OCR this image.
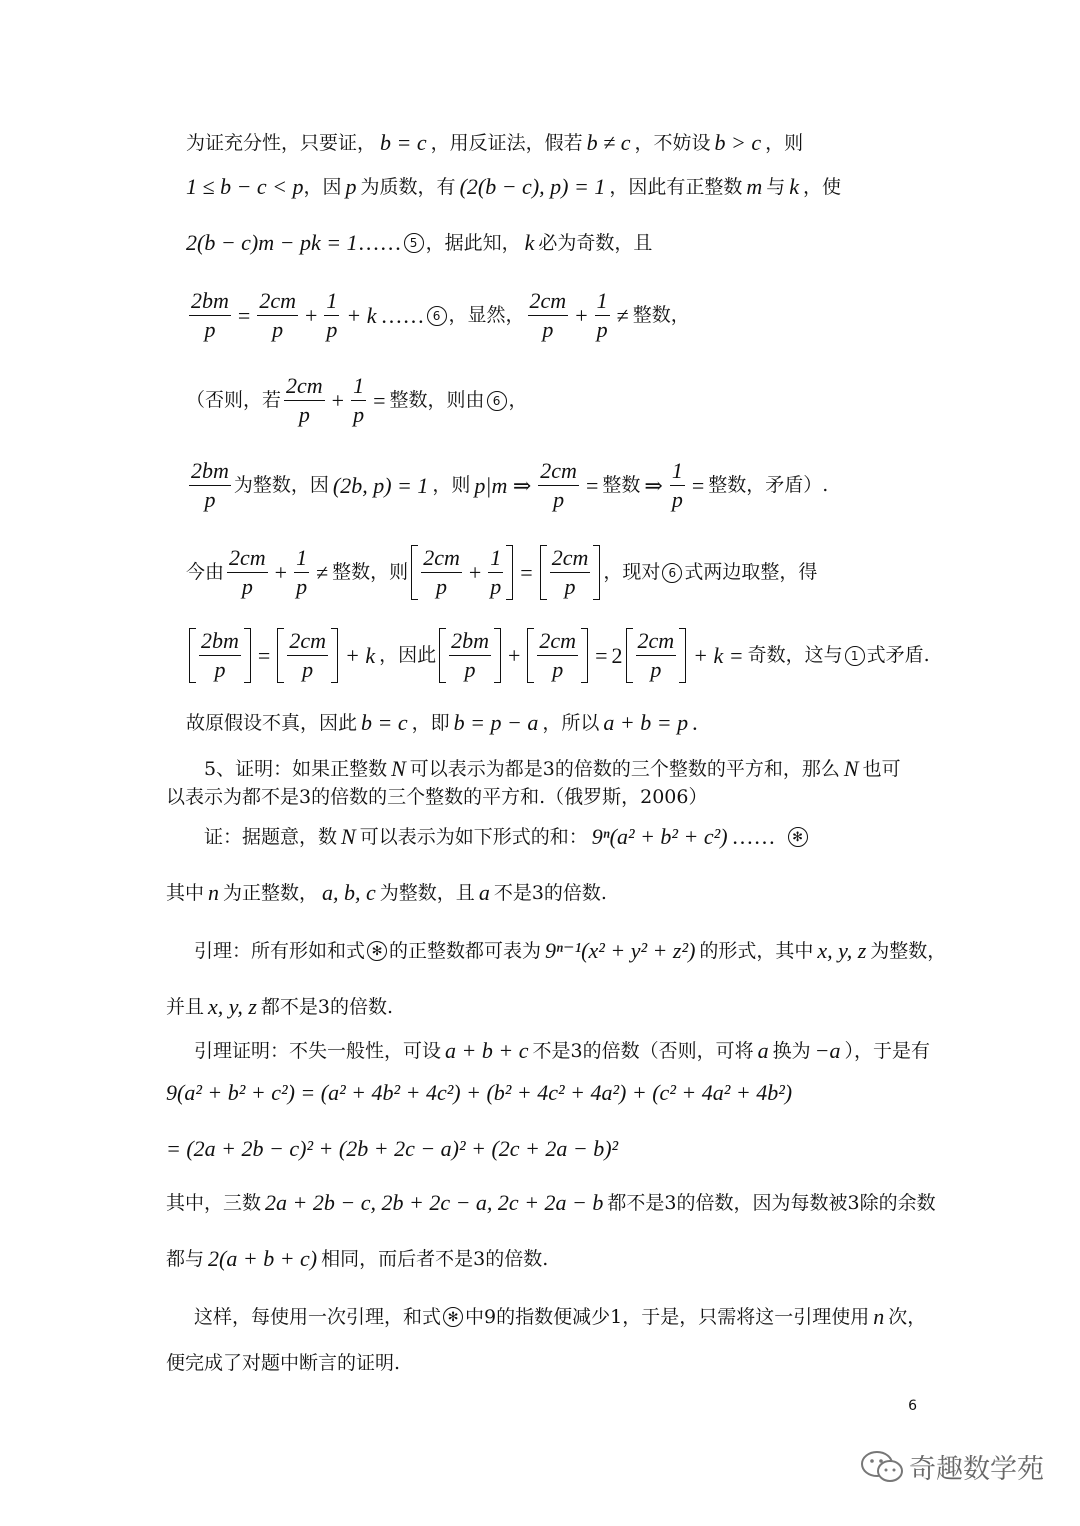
为证充分性，只要证， b = c ，用反证法，假若 b ≠ c ，不妨设 b > c ，则
1 ≤ b − c < p ，因 p 为质数，有 (2(b − c), p) = 1 ，因此有正整数 m 与 k ，使
2(b − c)m − pk = 1 …… 5 ，据此知， k 必为奇数，且
$\frac{2bm}{p} = \frac{2cm}{p} + \frac{1}{p} + k$ …… 6 ，显然，
2cm
p
+ $\frac{1}{p}$ ≠ 整数，
（否则，若
2cm
p
+ $\frac{1}{p}$ = 整数，则由 6 ，
2bm
p
为整数，因 (2b, p) = 1 ，则 p|m ⇒ $\frac{2cm}{p}$ = 整数 ⇒ $\frac{1}{p}$ = 整数，矛盾）.
今由
2cm
p
+ $\frac{1}{p}$ ≠ 整数，则
2cm
p
+ $\frac{1}{p}$ =
2cm
p
，现对 6 式两边取整，得
2bm
p
=
2cm
p
+ k ，因此
2bm
p
+
2cm
p
= 2
2cm
p
+ k = 奇数，这与 1 式矛盾.
故原假设不真，因此 b = c ，即 b = p − a ，所以 a + b = p .
5、证明：如果正整数 N 可以表示为都是3的倍数的三个整数的平方和，那么 N 也可
以表示为都不是3的倍数的三个整数的平方和.（俄罗斯，2006）
证：据题意，数 N 可以表示为如下形式的和： 9ⁿ(a² + b² + c²) ……	✻
其中 n 为正整数， a, b, c 为整数，且 a 不是3的倍数.
引理：所有形如和式 ✻ 的正整数都可表为 9ⁿ⁻¹(x² + y² + z²) 的形式，其中 x, y, z 为整数，
并且 x, y, z 都不是3的倍数.
引理证明：不失一般性，可设 a + b + c 不是3的倍数（否则，可将 a 换为 −a ），于是有
9(a² + b² + c²) = (a² + 4b² + 4c²) + (b² + 4c² + 4a²) + (c² + 4a² + 4b²)
= (2a + 2b − c)² + (2b + 2c − a)² + (2c + 2a − b)²
其中，三数 2a + 2b − c, 2b + 2c − a, 2c + 2a − b 都不是3的倍数，因为每数被3除的余数
都与 2(a + b + c) 相同，而后者不是3的倍数.
这样，每使用一次引理，和式 ✻ 中9的指数便减少1，于是，只需将这一引理使用 n 次，
便完成了对题中断言的证明.
6
奇趣数学苑
